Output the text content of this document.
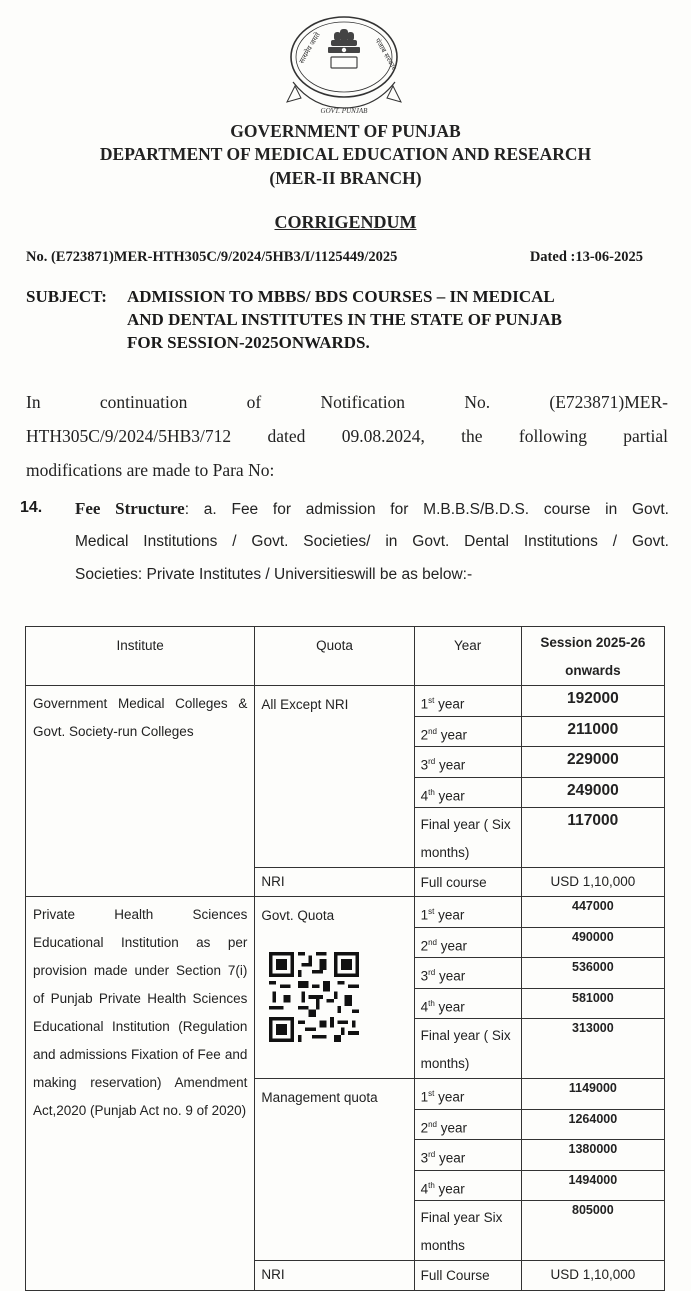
सत्यमेव जयते	पंजाब सरकार
GOVT. PUNJAB
GOVERNMENT OF PUNJAB
DEPARTMENT OF MEDICAL EDUCATION AND RESEARCH
(MER-II BRANCH)
CORRIGENDUM
No. (E723871)MER-HTH305C/9/2024/5HB3/I/1125449/2025	Dated :13-06-2025
SUBJECT: ADMISSION TO MBBS/ BDS COURSES – IN MEDICAL
AND DENTAL INSTITUTES IN THE STATE OF PUNJAB
FOR SESSION-2025ONWARDS.
In continuation of Notification No. (E723871)MER-
HTH305C/9/2024/5HB3/712 dated 09.08.2024, the following partial
modifications are made to Para No:
14. Fee Structure: a. Fee for admission for M.B.B.S/B.D.S. course in Govt.
Medical Institutions / Govt. Societies/ in Govt. Dental Institutions / Govt.
Societies: Private Institutes / Universitieswill be as below:-
Institute	Quota	Year	Session 2025-26 onwards
Government Medical Colleges & Govt. Society-run Colleges	All Except NRI	1st year	192000
		2nd year	211000
		3rd year	229000
		4th year	249000
		Final year ( Six months)	117000
	NRI	Full course	USD 1,10,000
Private Health Sciences Educational Institution as per provision made under Section 7(i) of Punjab Private Health Sciences Educational Institution (Regulation and admissions Fixation of Fee and making reservation) Amendment Act,2020 (Punjab Act no. 9 of 2020)	Govt. Quota	1st year	447000
		2nd year	490000
		3rd year	536000
		4th year	581000
		Final year ( Six months)	313000
	Management quota	1st year	1149000
		2nd year	1264000
		3rd year	1380000
		4th year	1494000
		Final year Six months	805000
	NRI	Full Course	USD 1,10,000
